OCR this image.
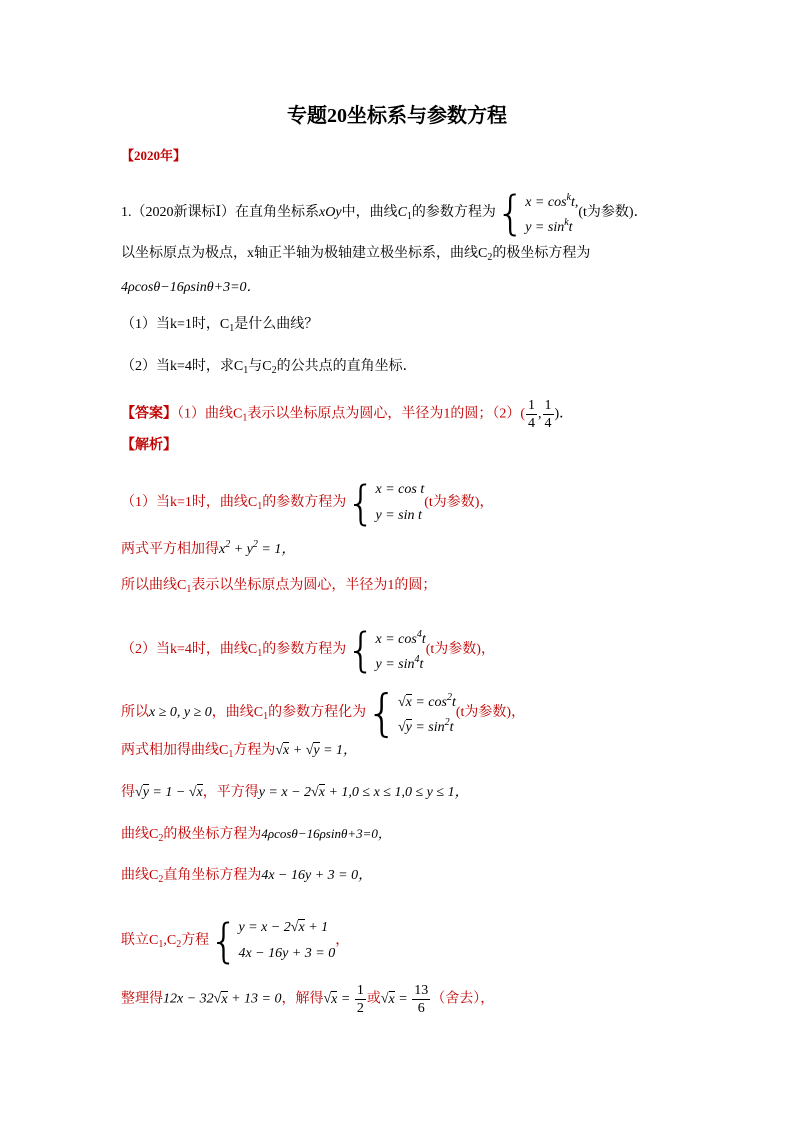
专题20坐标系与参数方程
【2020年】
1.（2020新课标Ⅰ）在直角坐标系xOy中，曲线$C_1$的参数方程为 { $x = \cos^kt$,
$y = \sin^kt$
(t为参数)．
以坐标原点为极点，x轴正半轴为极轴建立极坐标系，曲线$C_2$的极坐标方程为
4ρcosθ−16ρsinθ+3=0．
（1）当k=1时，$C_1$是什么曲线？
（2）当k=4时，求$C_1$与$C_2$的公共点的直角坐标．
【答案】（1）曲线$C_1$表示以坐标原点为圆心，半径为1的圆；$(2)( \frac{1}{4}$ , $\frac{1}{4}$ )．
【解析】
（1）当k=1时，曲线$C_1$的参数方程为 { x = cos t
y = sin t
(t为参数)，
两式平方相加得$x^2 + y^2 = 1$，
所以曲线$C_1$表示以坐标原点为圆心，半径为1的圆；
（2）当k=4时，曲线$C_1$的参数方程为 { $x = \cos^4t$
$y = \sin^4t$
(t为参数)，
所以x ≥ 0, y ≥ 0，曲线$C_1$的参数方程化为 { $√x = \cos^2t$
$√y = \sin^2t$
(t为参数)，
两式相加得曲线$C_1$方程为√x + √y = 1，
得√y = 1 − √x，平方得y = x − 2√x + 1,0 ≤ x ≤ 1,0 ≤ y ≤ 1，
曲线$C_2$的极坐标方程为4ρcosθ−16ρsinθ+3=0，
曲线$C_2$直角坐标方程为4x − 16y + 3 = 0，
联立$C_1,C_2$方程 { y = x − 2√x + 1
4x − 16y + 3 = 0
，
整理得12x − 32√x + 13 = 0，解得$√x = \frac{1}{2}$ 或$√x = \frac{13}{6}$ （舍去），
